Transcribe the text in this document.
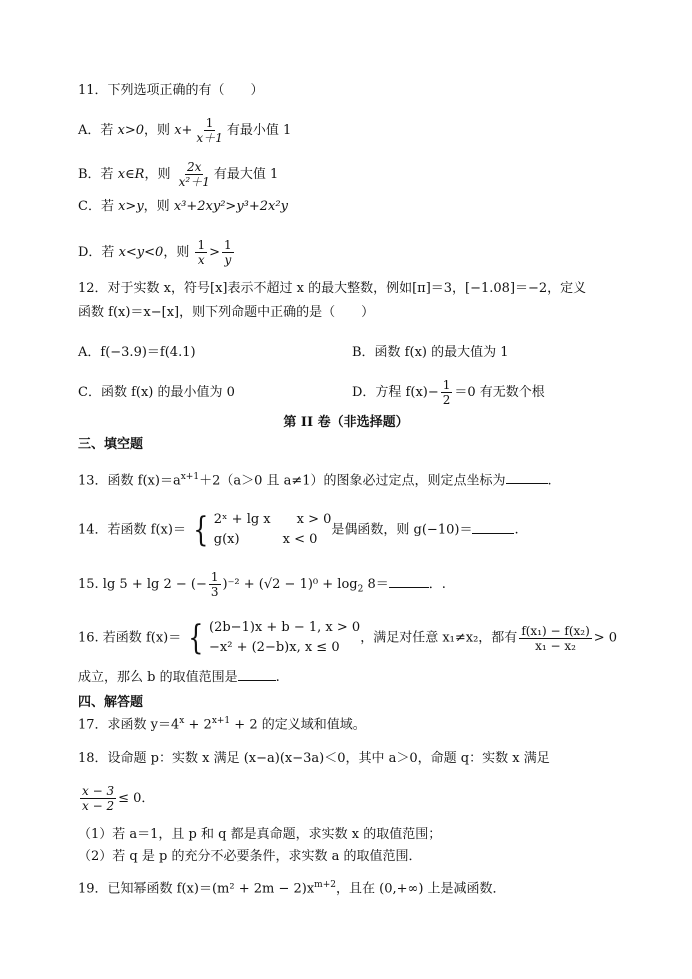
11．下列选项正确的有（　　）
A．若 x>0，则 $x+ \frac{1}{x+1}$ 有最小值 1
B．若 x∈R，则 $\frac{2x}{\text{x²＋1}}$ 有最大值 1
C．若 x>y，则 x³+2xy²>y³+2x²y
D．若 x<y<0，则 $\frac{1}{x} > \frac{1}{y}$
12．对于实数 x，符号[x]表示不超过 x 的最大整数，例如[π]＝3，[−1.08]＝−2，定义
函数 f(x)＝x−[x]，则下列命题中正确的是（　　）
A．f(−3.9)＝f(4.1)	B．函数 f(x) 的最大值为 1
C．函数 f(x) 的最小值为 0	D．方程 $f(x)- \frac{1}{2} =0$ 有无数个根
第 II 卷（非选择题）
三、填空题
13．函数 $f(x)=a^{x+1}+2(a>0$ 且 a≠1）的图象必过定点，则定点坐标为	.
14．若函数 f(x)＝ { 2ˣ + lg x　　x > 0
g(x)　　　 x < 0
是偶函数，则 g(−10)＝	.
15. lg 5 + lg 2 − (− $\frac{1}{3} )^{-2} + (√2 - 1)^0 + \log_2 8=$	．.
16. 若函数 f(x)＝ { (2b−1)x + b − 1, x > 0
−x² + (2−b)x, x ≤ 0
，满足对任意 x₁≠x₂，都有 $\frac{\text{f(x₁) − f(x₂)}}{\text{x₁ − x₂}} > 0$
成立，那么 b 的取值范围是	.
四、解答题
17．求函数 $y=4^x + 2^{x+1} + 2$ 的定义域和值域。
18．设命题 p：实数 x 满足 (x−a)(x−3a)＜0，其中 a＞0，命题 q：实数 x 满足
$\frac{x - 3}{x - 2} \le 0$．
（1）若 a＝1，且 p 和 q 都是真命题，求实数 x 的取值范围；
（2）若 q 是 p 的充分不必要条件，求实数 a 的取值范围．
19．已知幂函数 $f(x)=(m^2 + 2m - 2)x^{m+2}$，且在 (0,+∞) 上是减函数．
